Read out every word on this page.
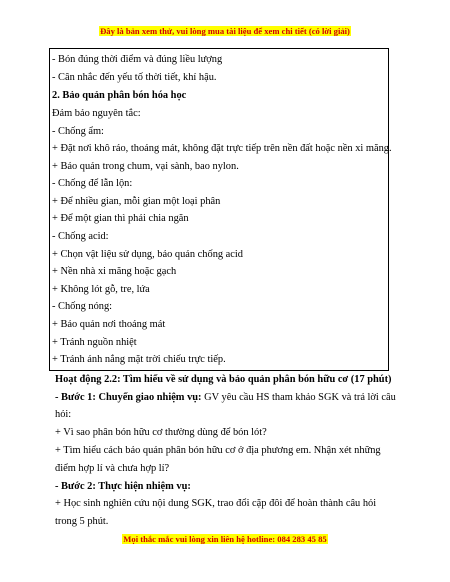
Đây là bản xem thử, vui lòng mua tài liệu để xem chi tiết (có lời giải)
- Bón đúng thời điểm và đúng liều lượng
- Cân nhắc đến yếu tố thời tiết, khí hậu.
2. Bảo quản phân bón hóa học
Đảm bảo nguyên tắc:
- Chống ẩm:
+ Đặt nơi khô ráo, thoáng mát, không đặt trực tiếp trên nền đất hoặc nền xi măng.
+ Bảo quản trong chum, vại sành, bao nylon.
- Chống để lẫn lộn:
+ Để nhiều gian, mỗi gian một loại phân
+ Để một gian thì phải chia ngăn
- Chống acid:
+ Chọn vật liệu sử dụng, bảo quản chống acid
+ Nền nhà xi măng hoặc gạch
+ Không lót gỗ, tre, lứa
- Chống nóng:
+ Bảo quản nơi thoáng mát
+ Tránh nguồn nhiệt
+ Tránh ánh nắng mặt trời chiếu trực tiếp.
Hoạt động 2.2: Tìm hiểu về sử dụng và bảo quản phân bón hữu cơ (17 phút)
- Bước 1: Chuyển giao nhiệm vụ: GV yêu cầu HS tham khảo SGK và trả lời câu
hỏi:
+ Vì sao phân bón hữu cơ thường dùng để bón lót?
+ Tìm hiểu cách bảo quản phân bón hữu cơ ở địa phương em. Nhận xét những
điểm hợp lí và chưa hợp lí?
- Bước 2: Thực hiện nhiệm vụ:
+ Học sinh nghiên cứu nội dung SGK, trao đổi cặp đôi để hoàn thành câu hỏi
trong 5 phút.
Mọi thắc mắc vui lòng xin liên hệ hotline: 084 283 45 85
